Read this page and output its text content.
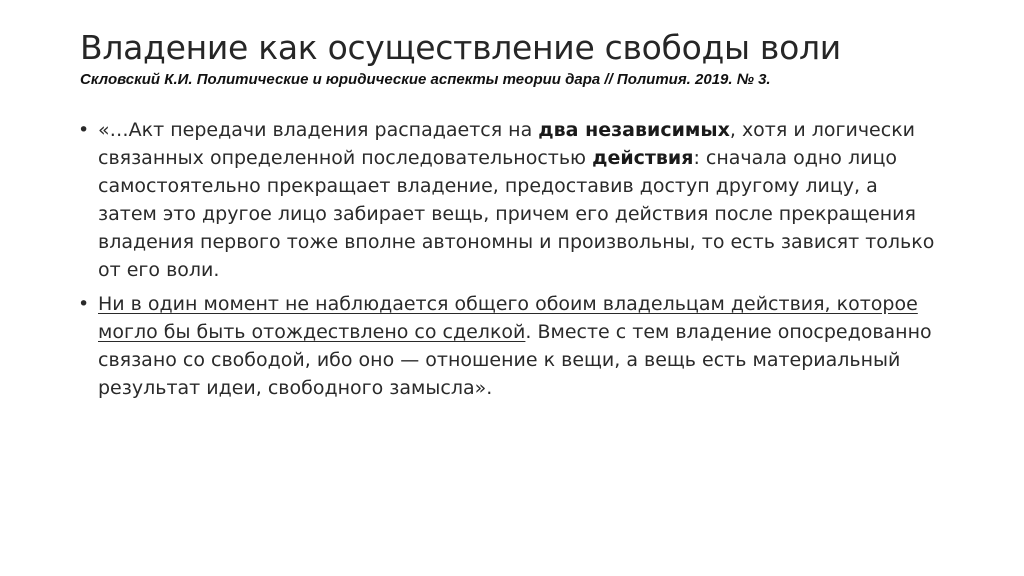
Владение как осуществление свободы воли

Скловский К.И. Политические и юридические аспекты теории дара // Полития. 2019. № 3.

• «…Акт передачи владения распадается на два независимых, хотя и логически связанных определенной последовательностью действия: сначала одно лицо самостоятельно прекращает владение, предоставив доступ другому лицу, а затем это другое лицо забирает вещь, причем его действия после прекращения владения первого тоже вполне автономны и произвольны, то есть зависят только от его воли.
• Ни в один момент не наблюдается общего обоим владельцам действия, которое могло бы быть отождествлено со сделкой. Вместе с тем владение опосредованно связано со свободой, ибо оно — отношение к вещи, а вещь есть материальный результат идеи, свободного замысла».
